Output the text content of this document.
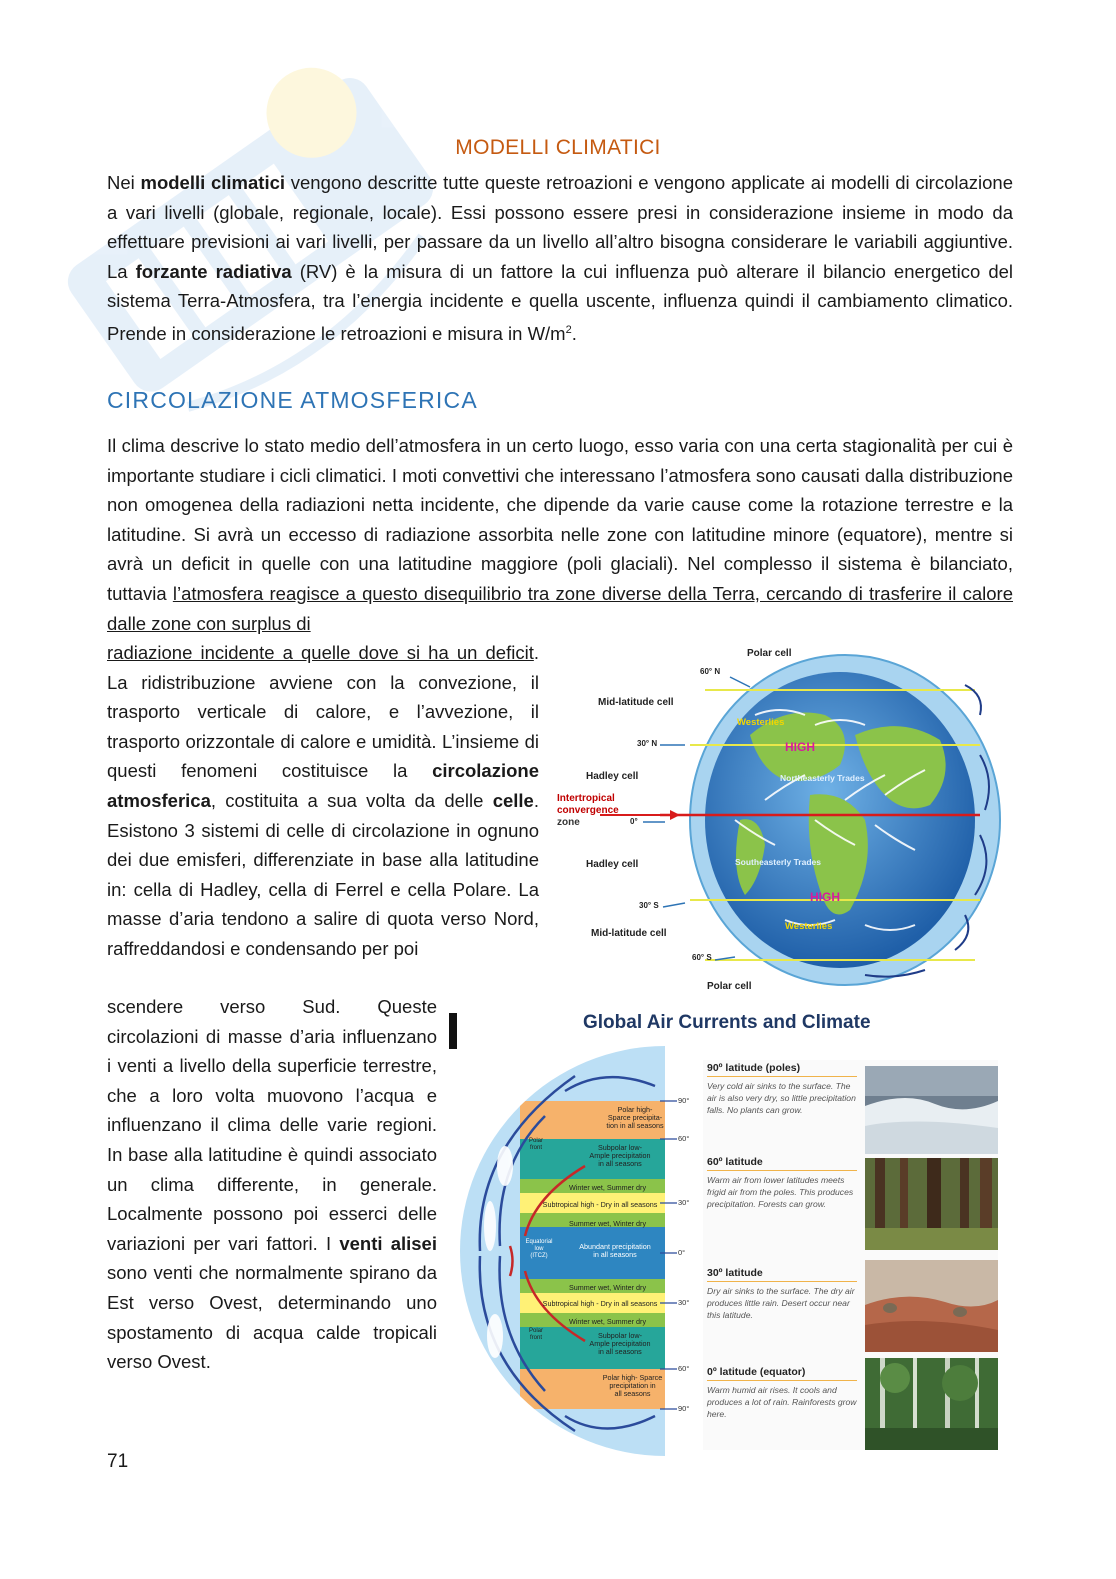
MODELLI CLIMATICI

Nei modelli climatici vengono descritte tutte queste retroazioni e vengono applicate ai modelli di circolazione a vari livelli (globale, regionale, locale). Essi possono essere presi in considerazione insieme in modo da effettuare previsioni ai vari livelli, per passare da un livello all’altro bisogna considerare le variabili aggiuntive. La forzante radiativa (RV) è la misura di un fattore la cui influenza può alterare il bilancio energetico del sistema Terra-Atmosfera, tra l’energia incidente e quella uscente, influenza quindi il cambiamento climatico. Prende in considerazione le retroazioni e misura in $W/m^2$.

CIRCOLAZIONE ATMOSFERICA

Il clima descrive lo stato medio dell’atmosfera in un certo luogo, esso varia con una certa stagionalità per cui è importante studiare i cicli climatici. I moti convettivi che interessano l’atmosfera sono causati dalla distribuzione non omogenea della radiazioni netta incidente, che dipende da varie cause come la rotazione terrestre e la latitudine. Si avrà un eccesso di radiazione assorbita nelle zone con latitudine minore (equatore), mentre si avrà un deficit in quelle con una latitudine maggiore (poli glaciali). Nel complesso il sistema è bilanciato, tuttavia l’atmosfera reagisce a questo disequilibrio tra zone diverse della Terra, cercando di trasferire il calore dalle zone con surplus di

radiazione incidente a quelle dove si ha un deficit. La ridistribuzione avviene con la convezione, il trasporto verticale di calore, e l’avvezione, il trasporto orizzontale di calore e umidità. L’insieme di questi fenomeni costituisce la circolazione atmosferica, costituita a sua volta da delle celle. Esistono 3 sistemi di celle di circolazione in ognuno dei due emisferi, differenziate in base alla latitudine in: cella di Hadley, cella di Ferrel e cella Polare. La masse d’aria tendono a salire di quota verso Nord, raffreddandosi e condensando per poi

scendere verso Sud. Queste circolazioni di masse d’aria influenzano i venti a livello della superficie terrestre, che a loro volta muovono l’acqua e influenzano il clima delle varie regioni. In base alla latitudine è quindi associato un clima differente, in generale. Localmente possono poi esserci delle variazioni per vari fattori. I venti alisei sono venti che normalmente spirano da Est verso Ovest, determinando uno spostamento di acqua calde tropicali verso Ovest.

Polar cell
Mid-latitude cell
Hadley cell
Intertropical
convergence
zone
Hadley cell
Mid-latitude cell
Polar cell
60° N
30° N
0°
30° S
60° S
Westerlies
HIGH
Northeasterly Trades
Southeasterly Trades
HIGH
Westerlies
Global Air Currents and Climate
Polar high-
Sparce precipita-
tion in all seasons
Subpolar low-
Ample precipitation
in all seasons
Winter wet, Summer dry
Subtropical high - Dry in all seasons
Summer wet, Winter dry
Abundant precipitation
in all seasons
Summer wet, Winter dry
Subtropical high - Dry in all seasons
Winter wet, Summer dry
Subpolar low-
Ample precipitation
in all seasons
Polar high- Sparce
precipitation in
all seasons
Polar
front
Equatorial
low
(ITCZ)
Polar
front
90°
60°
30°
0°
30°
60°
90°
90º latitude (poles)
Very cold air sinks to the surface. The air is also very dry, so little precipitation falls. No plants can grow.
60º latitude
Warm air from lower latitudes meets frigid air from the poles. This produces precipitation. Forests can grow.
30º latitude
Dry air sinks to the surface. The dry air produces little rain. Desert occur near this latitude.
0º latitude (equator)
Warm humid air rises. It cools and produces a lot of rain. Rainforests grow here.
71
